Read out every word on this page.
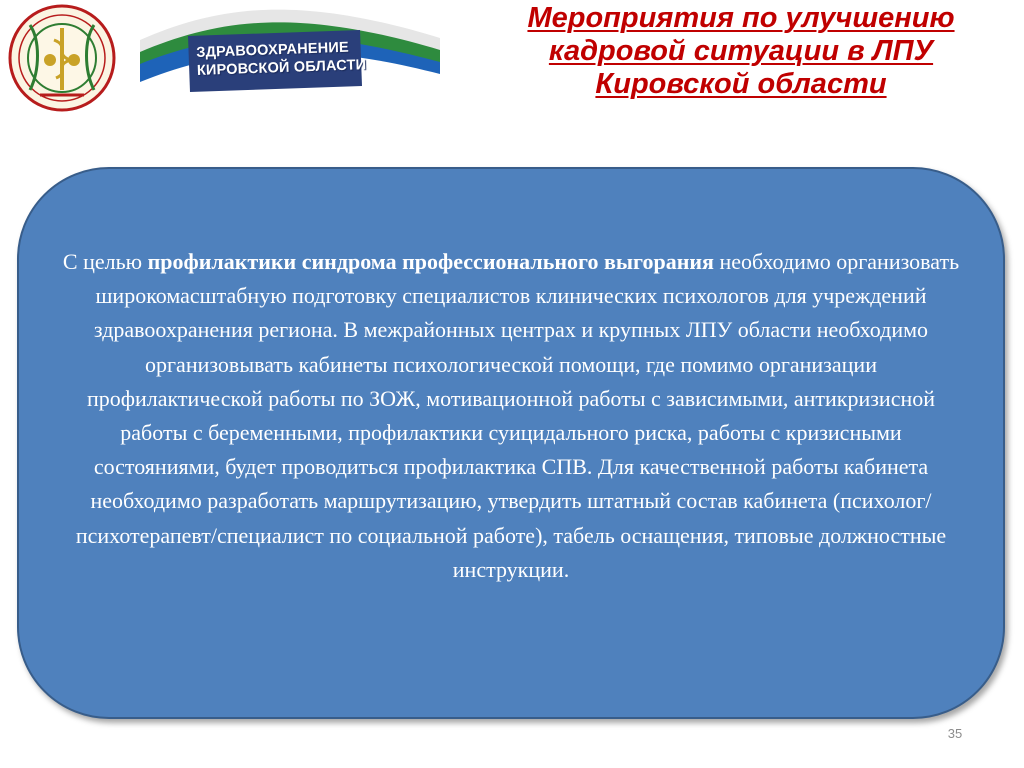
ЗДРАВООХРАНЕНИЕ
КИРОВСКОЙ ОБЛАСТИ
Мероприятия по улучшению
кадровой ситуации в ЛПУ
Кировской области

С целью профилактики синдрома профессионального выгорания необходимо организовать широкомасштабную подготовку специалистов клинических психологов для учреждений здравоохранения региона. В межрайонных центрах и крупных ЛПУ области необходимо организовывать кабинеты психологической помощи, где помимо организации профилактической работы по ЗОЖ, мотивационной работы с зависимыми, антикризисной работы с беременными, профилактики суицидального риска, работы с кризисными состояниями, будет проводиться профилактика СПВ. Для качественной работы кабинета необходимо разработать маршрутизацию, утвердить штатный состав кабинета (психолог/психотерапевт/специалист по социальной работе), табель оснащения, типовые должностные инструкции.

35
